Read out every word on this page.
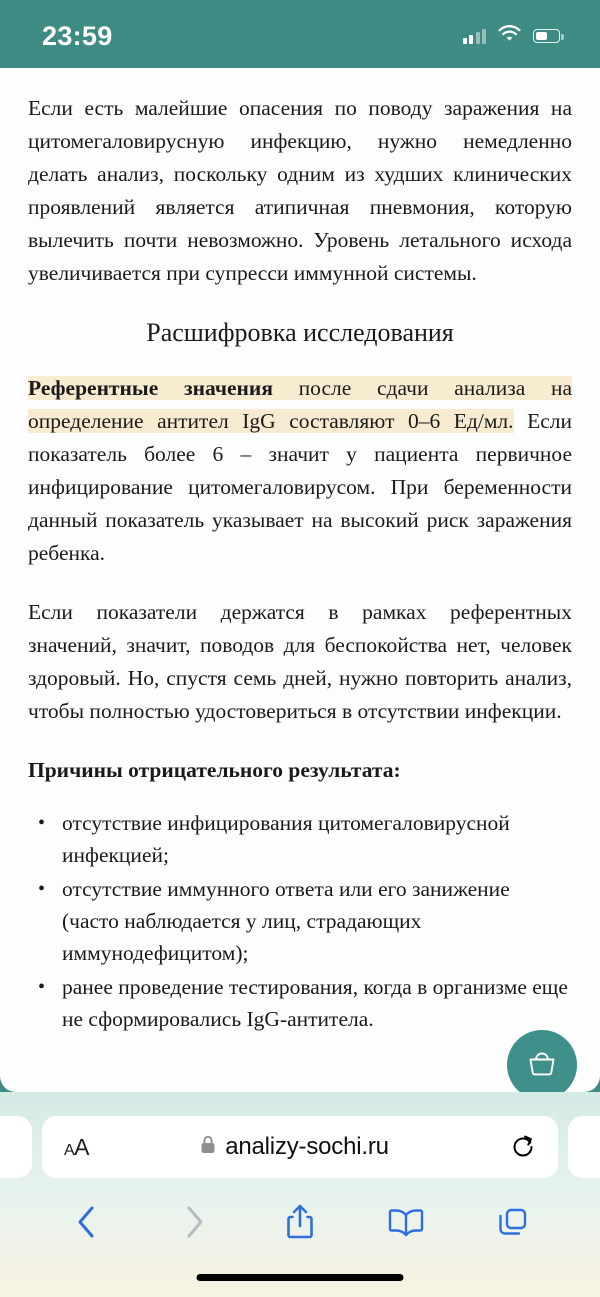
23:59

Если есть малейшие опасения по поводу заражения на цитомегаловирусную инфекцию, нужно немедленно делать анализ, поскольку одним из худших клинических проявлений является атипичная пневмония, которую вылечить почти невозможно. Уровень летального исхода увеличивается при супресси иммунной системы.

Расшифровка исследования

Референтные значения после сдачи анализа на определение антител IgG составляют 0–6 Ед/мл. Если показатель более 6 – значит у пациента первичное инфицирование цитомегаловирусом. При беременности данный показатель указывает на высокий риск заражения ребенка.

Если показатели держатся в рамках референтных значений, значит, поводов для беспокойства нет, человек здоровый. Но, спустя семь дней, нужно повторить анализ, чтобы полностью удостовериться в отсутствии инфекции.

Причины отрицательного результата:
• отсутствие инфицирования цитомегаловирусной инфекцией;
• отсутствие иммунного ответа или его занижение (часто наблюдается у лиц, страдающих иммунодефицитом);
• ранее проведение тестирования, когда в организме еще не сформировались IgG-антитела.
AA	analizy-sochi.ru
